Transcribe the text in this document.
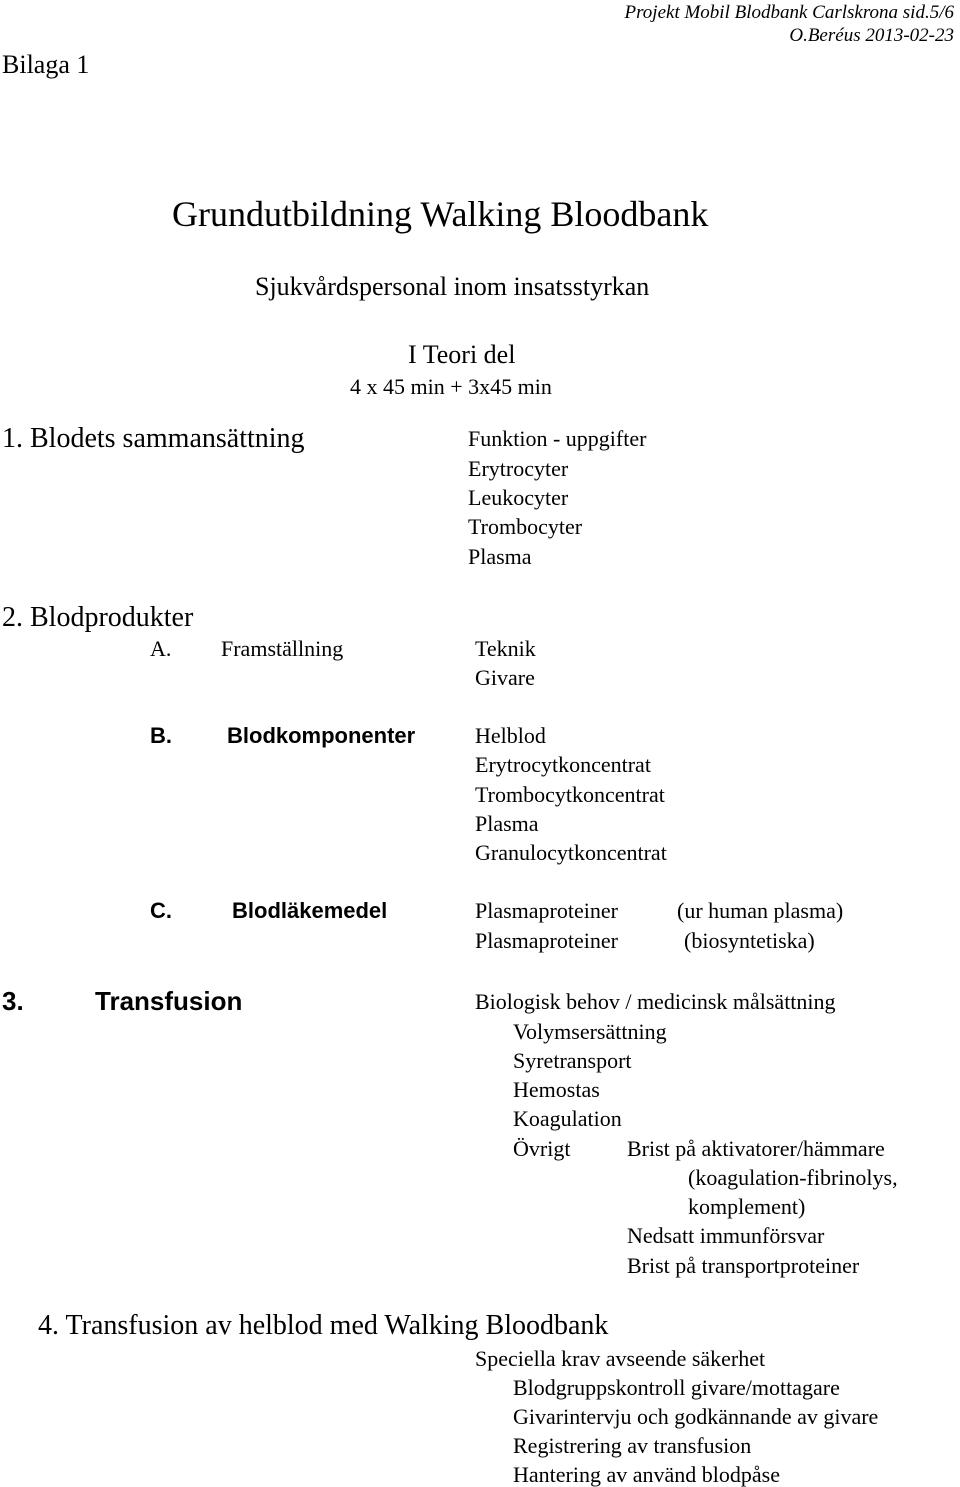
Projekt Mobil Blodbank Carlskrona sid.5/6
O.Beréus 2013-02-23
Bilaga 1
Grundutbildning Walking Bloodbank
Sjukvårdspersonal inom insatsstyrkan
I Teori del
4 x 45 min + 3x45 min
1. Blodets sammansättning	Funktion - uppgifter
Erytrocyter
Leukocyter
Trombocyter
Plasma
2. Blodprodukter
A. Framställning	Teknik
Givare
B.	Blodkomponenter	Helblod
Erytrocytkoncentrat
Trombocytkoncentrat
Plasma
Granulocytkoncentrat
C.	Blodläkemedel	Plasmaproteiner	(ur human plasma)
Plasmaproteiner	(biosyntetiska)
3.	Transfusion	Biologisk behov / medicinsk målsättning
Volymsersättning
Syretransport
Hemostas
Koagulation
Övrigt	Brist på aktivatorer/hämmare
(koagulation-fibrinolys,
komplement)
Nedsatt immunförsvar
Brist på transportproteiner
4. Transfusion av helblod med Walking Bloodbank
Speciella krav avseende säkerhet
Blodgruppskontroll givare/mottagare
Givarintervju och godkännande av givare
Registrering av transfusion
Hantering av använd blodpåse
